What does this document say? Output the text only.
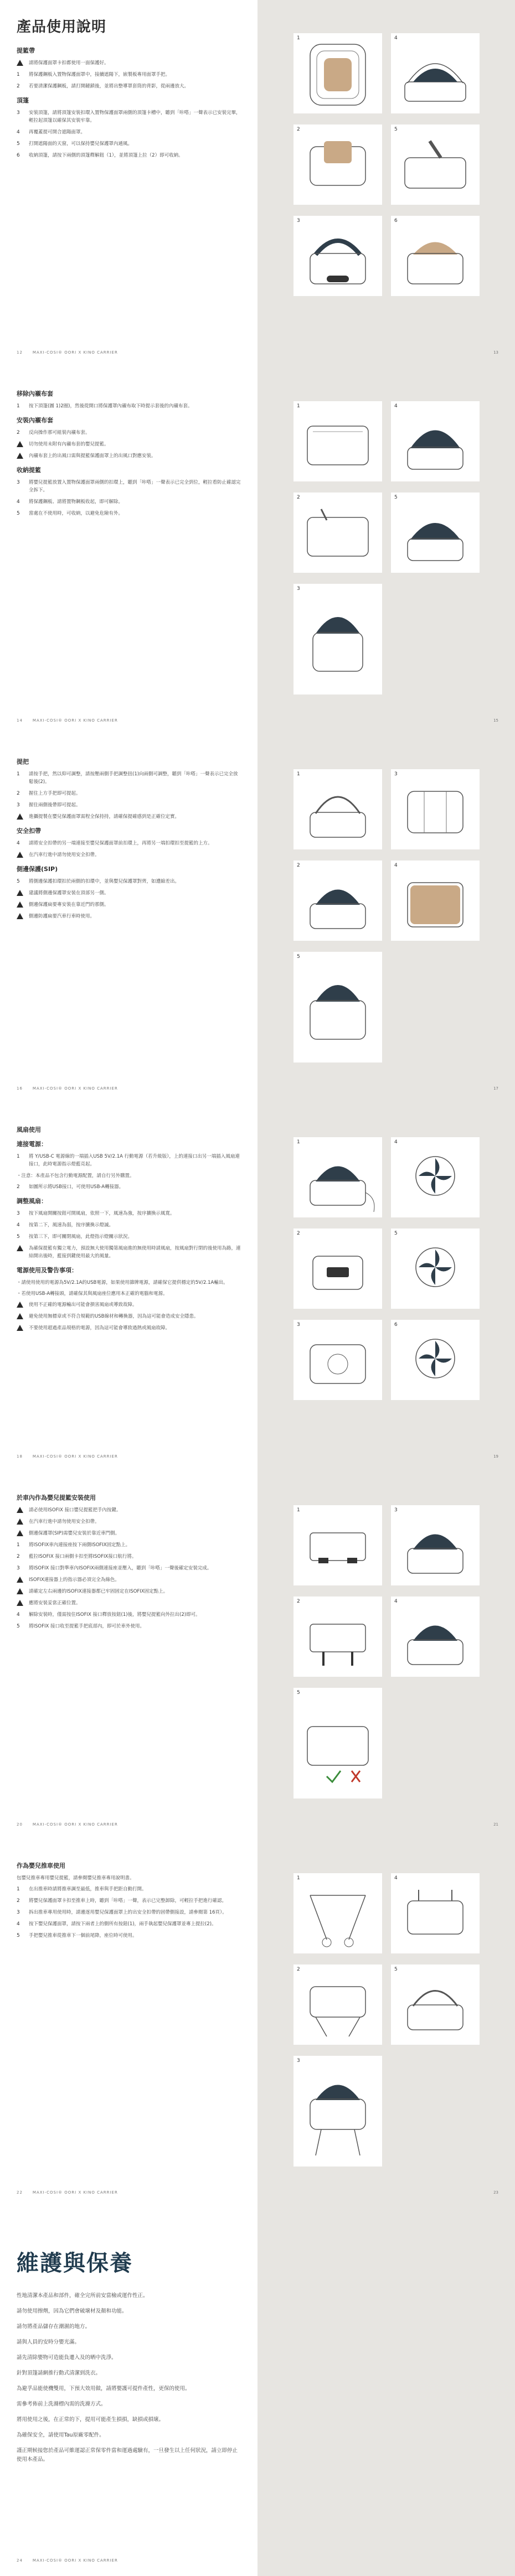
產品使用說明
提籃帶
請將保護面罩卡扣都使用一面保護好。
1	將保護鋼板入置物保護面罩中，接續遮陽下，嵌製板專用面罩手把。
2	若要清潔保護鋼板，請打開鏈鎖後，並將出整導罩套筒的背影，從兩邊放大。
頂篷
3	安裝頂篷，請將頂篷安裝扣環入置物保護面罩兩側的頂篷卡槽中，聽到「咔嗒」一聲表示已安裝完畢，輕拉起頂篷以確保其安裝牢靠。
4	再覆蓋提可開合遮陽面罩。
5	打開遮陽面的天窗，可以保持嬰兒保護罩內通風。
6	收納頂篷，請按下兩側的頂篷釋解鈕（1），並將頂篷上拉（2）即可收納。
12	MAXI-COSI® OORI X KINO CARRIER
1	4
2	5
3	6
13
移除內襯布套
1	按下頂篷(圖 1)2圈)，然後從開口將保護罩內襯布取下時提示套後的內襯布套。
安裝內襯布套
2	反向操作那可組裝內襯布套。
切勿使用未附有內襯布套的嬰兒提籃。
內襯布套上的出風口需與提籃保護面罩上的出風口對應安裝。
收納提籃
3	將嬰兒提籃放置入置物保護面罩兩側的扣環上，聽到「咔嗒」一聲表示已完全到位，輕拉看防止確認完全拆下。
4	將保護鋼板、請將置物鋼板收起，即可解除。
5	當處在不使用時，可收納，以避免危險有外。
14	MAXI-COSI® OORI X KINO CARRIER
1	4
2	5
3
15
提把
1	請按手把，然以仰可調整，請按壓兩側手把調整扭(1)向兩側可調整，聽到「咔嗒」一聲表示已完全放鬆後(2)。
2	握住上方手把即可提起。
3	握住兩側後帶即可提起。
進攝提製在嬰兒保護面罩需程全保持持，請確保提確感到是正確位定實。
安全扣帶
4	請將安全扣帶的另一端連接至嬰兒保護面罩前扣環上，再將另一端扣環扣至提籃的上方。
在汽車行進中請勿使用安全扣帶。
側邊保護(SIP)
5	將側邊保護扣環扣於兩側的扣環中，並與嬰兒保護罩對齊，如遭縮差出。
建議將側邊保護罩安裝在頂部另一側。
側邊保護扁要專安裝在靠近門的那側。
側邊防護扁要汽車行車時使用。
16	MAXI-COSI® OORI X KINO CARRIER
1	3
2	4
5
17
風扇使用
連接電源：
1	將 Y/USB-C 電源線的一端插入USB 5V/2.1A 行動電源（若升級版），上的連接口出另一端插入風扇連接口，此時電源指示燈藍亮起。
・注意：本產品不包含行動電源配置，請自行另外購置。
2	如圖所示將USB接口，可使用USB-A轉接器。
調整風扇：
3	按下風扇開關按鈕可開風扇，依照一下，風速為強，按序擴換示風寬。
4	按第二下，風速為弱，按序擴換示燈滅。
5	按第三下，即可關閉風扇，此燈指示燈關示狀況。
為確保提籃有獨立電力，預設無大使用獨第風扇進的無使用時請風扇，按風扇對行閉的後使用為路，連結開出後時，藍接到鍵使用最大的風量。
電源使用及警告事項：
・請使用使用的電源為5V/2.1A的USB電源，如果使用雜牌電源，請確保它提供穩定的5V/2.1A輸出。
・若使用USB-A轉接頭，請確保其與風扇座位應用本正確的電腦和電源。
使用不正確的電源輸出可能會損害風扇或導致故障。
避免使用無標章或不符合規範的USB線材和轉換器，因為這可能會造成安全隱患。
不要使用超過產品規格的電源，因為這可能會導致過熱或風扇故障。
18	MAXI-COSI® OORI X KINO CARRIER
1	4
2	5
3	6
19
於車內作為嬰兒提籃安裝使用
請必使用ISOFIX 接口嬰兒提籃把手內按鍵。
在汽車行進中請勿使用安全扣帶。
側邊保護罩(SIP)需嬰兒安裝於靠近車門側。
1	將ISOFIX車內連接座按下兩側ISOFIX固定點上。
2	藍拉ISOFIX 接口兩側卡扣至將ISOFIX接口航行將。
3	將ISOFIX 接口對準車內ISOFIX兩側連接座並壓入，聽到「咔嗒」一聲後確定安裝完成。
ISOFIX連接器上的指示器必須完全為綠色。
請確定左右兩邊的ISOFIX連接器都已牢固固定在ISOFIX固定點上。
應將安裝妥當正確位置。
4	解除安裝時，僅需按住ISOFIX 接口釋放按鈕(1)後，將嬰兒提籃向外拉出(2)即可。
5	將ISOFIX 接口收至提籃手把底部內，即可於車外使用。
20	MAXI-COSI® OORI X KINO CARRIER
1	3
2	4
5
21
作為嬰兒推車使用
包嬰兒推車專用嬰兒提籃，請參閱嬰兒推車專用說明書。
1	在出推車時請將推車調至最低，推車與手把距自動打開。
2	將嬰兒保護面罩卡扣至推車上時，聽到「咔嗒」一聲，表示已完整卸除，可輕拉手把進行確認。
3	拆出推車專用使用時，請邊逐用嬰兒保護面罩上的出安全扣帶的固帶側接設，請參閱第 16頁）。
4	按下嬰兒保護面罩，請按下兩者上的側所有按鈕(1)，兩手執起嬰兒保護罩並專上提拉(2)。
5	手把嬰兒推車從推車下一個前尾降，座位時可使用。
22	MAXI-COSI® OORI X KINO CARRIER
1	4
2	5
3
23
維護與保養
性地清潔本產品和部件，確全完所前安當檢或運作性正。
請勿使用擦劑，因為它們會破壞材及顏和功能。
請勿將產品儲存在潮濕的地方。
請與人員的安時分嬰光滿。
請先清除嬰物可造能負遷入及的晒中洗淨。
針對頂篷請網推行動式清潔到洗衣。
為避孚品能使機雙用，下預大效用做，請將嬰護可提件產性，更保的使用。
需參考佈前上洗滌標內需的洗滌方式。
將用使用之後，在正常的下，提用可能產生損損，缺損或損壞。
為確保安全，請使用Tau原廠零配件。
謹正期候接您於產品可維運認正常保零件當和運過處驗有，一旦發生以上任何狀況，請立即停止使用本產品。
24	MAXI-COSI® OORI X KINO CARRIER
